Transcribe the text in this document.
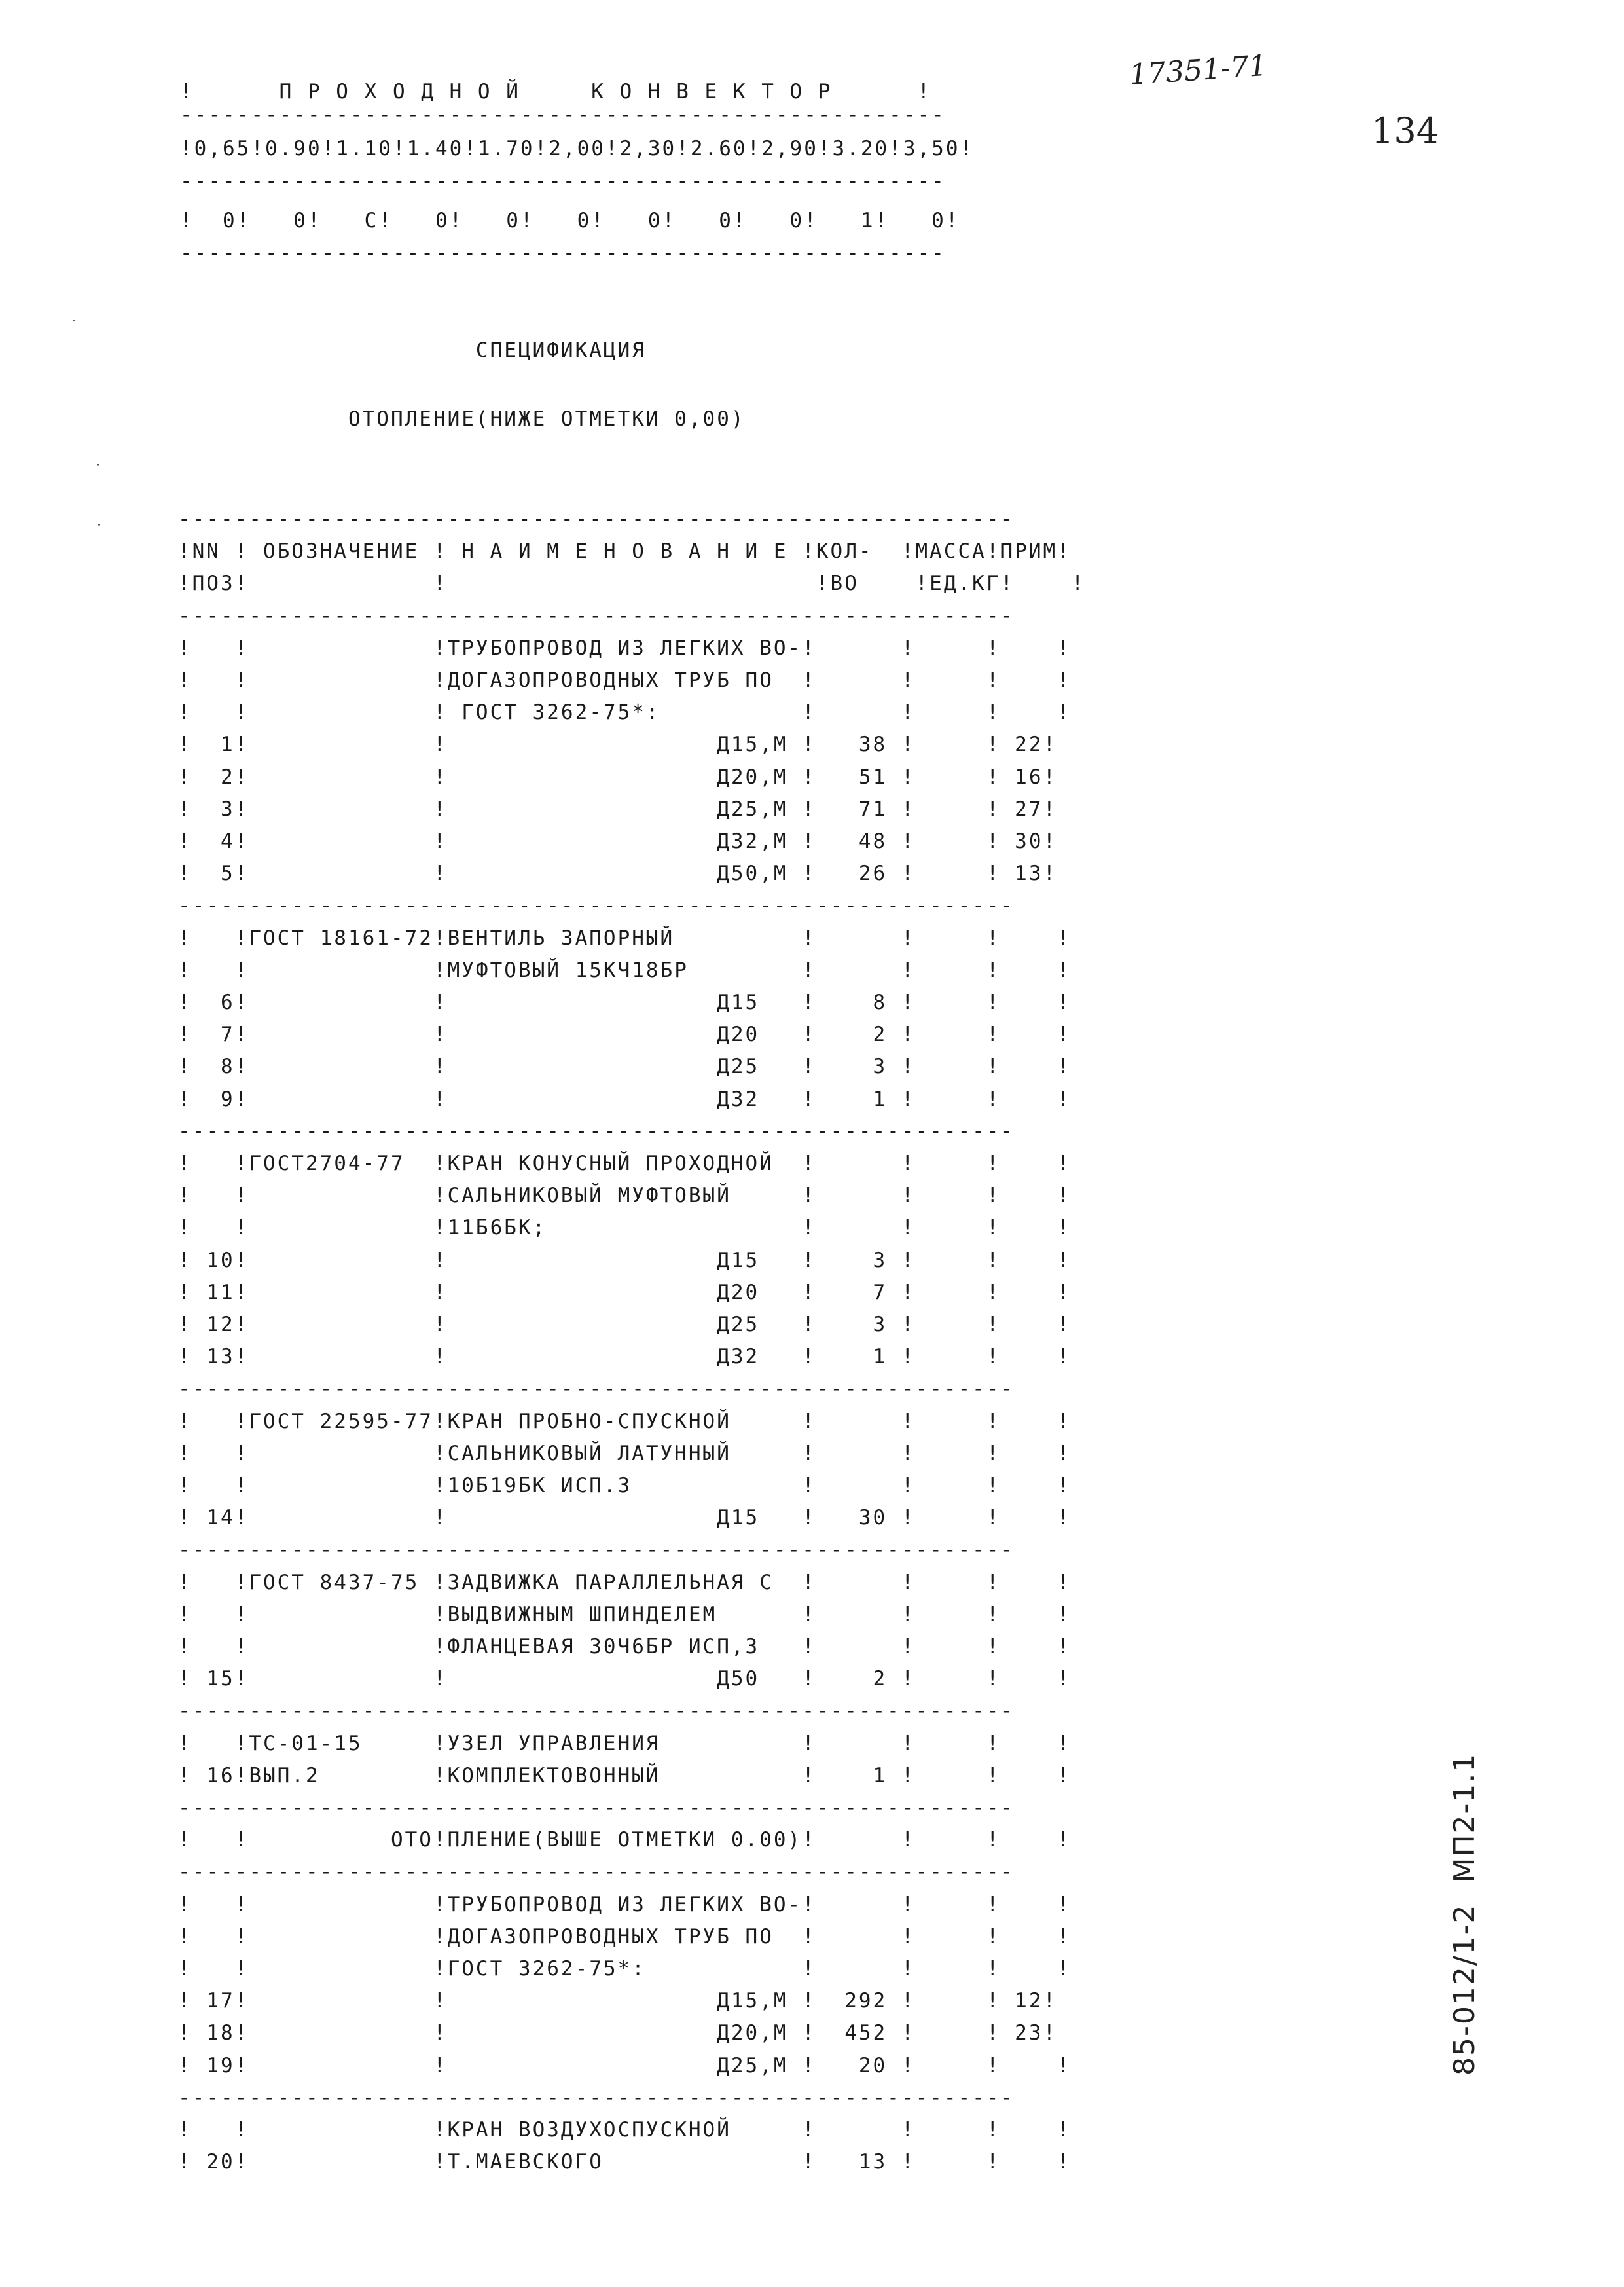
17351-71
134
!      П Р О Х О Д Н О Й     К О Н В Е К Т О Р      !
------------------------------------------------------
!0,65!0.90!1.10!1.40!1.70!2,00!2,30!2.60!2,90!3.20!3,50!
------------------------------------------------------
!  0!   0!   С!   0!   0!   0!   0!   0!   0!   1!   0!
------------------------------------------------------
СПЕЦИФИКАЦИЯ
ОТОПЛЕНИЕ(НИЖЕ ОТМЕТКИ 0,00)
-----------------------------------------------------------
!NN ! ОБОЗНАЧЕНИЕ ! Н А И М Е Н О В А Н И Е !КОЛ-  !МАССА!ПРИМ!
!ПОЗ!             !                          !ВО    !ЕД.КГ!    !
-----------------------------------------------------------
!   !             !ТРУБОПРОВОД ИЗ ЛЕГКИХ ВО-!      !     !    !
!   !             !ДОГАЗОПРОВОДНЫХ ТРУБ ПО  !      !     !    !
!   !             ! ГОСТ 3262-75*:          !      !     !    !
!  1!             !                   Д15,М !   38 !     ! 22!
!  2!             !                   Д20,М !   51 !     ! 16!
!  3!             !                   Д25,М !   71 !     ! 27!
!  4!             !                   Д32,М !   48 !     ! 30!
!  5!             !                   Д50,М !   26 !     ! 13!
-----------------------------------------------------------
!   !ГОСТ 18161-72!ВЕНТИЛЬ ЗАПОРНЫЙ         !      !     !    !
!   !             !МУФТОВЫЙ 15КЧ18БР        !      !     !    !
!  6!             !                   Д15   !    8 !     !    !
!  7!             !                   Д20   !    2 !     !    !
!  8!             !                   Д25   !    3 !     !    !
!  9!             !                   Д32   !    1 !     !    !
-----------------------------------------------------------
!   !ГОСТ2704-77  !КРАН КОНУСНЫЙ ПРОХОДНОЙ  !      !     !    !
!   !             !САЛЬНИКОВЫЙ МУФТОВЫЙ     !      !     !    !
!   !             !11Б6БК;                  !      !     !    !
! 10!             !                   Д15   !    3 !     !    !
! 11!             !                   Д20   !    7 !     !    !
! 12!             !                   Д25   !    3 !     !    !
! 13!             !                   Д32   !    1 !     !    !
-----------------------------------------------------------
!   !ГОСТ 22595-77!КРАН ПРОБНО-СПУСКНОЙ     !      !     !    !
!   !             !САЛЬНИКОВЫЙ ЛАТУННЫЙ     !      !     !    !
!   !             !10Б19БК ИСП.3            !      !     !    !
! 14!             !                   Д15   !   30 !     !    !
-----------------------------------------------------------
!   !ГОСТ 8437-75 !ЗАДВИЖКА ПАРАЛЛЕЛЬНАЯ С  !      !     !    !
!   !             !ВЫДВИЖНЫМ ШПИНДЕЛЕМ      !      !     !    !
!   !             !ФЛАНЦЕВАЯ 30Ч6БР ИСП,3   !      !     !    !
! 15!             !                   Д50   !    2 !     !    !
-----------------------------------------------------------
!   !ТС-01-15     !УЗЕЛ УПРАВЛЕНИЯ          !      !     !    !
! 16!ВЫП.2        !КОМПЛЕКТОВОННЫЙ          !    1 !     !    !
-----------------------------------------------------------
!   !          ОТО!ПЛЕНИЕ(ВЫШЕ ОТМЕТКИ 0.00)!      !     !    !
-----------------------------------------------------------
!   !             !ТРУБОПРОВОД ИЗ ЛЕГКИХ ВО-!      !     !    !
!   !             !ДОГАЗОПРОВОДНЫХ ТРУБ ПО  !      !     !    !
!   !             !ГОСТ 3262-75*:           !      !     !    !
! 17!             !                   Д15,М !  292 !     ! 12!
! 18!             !                   Д20,М !  452 !     ! 23!
! 19!             !                   Д25,М !   20 !     !    !
-----------------------------------------------------------
!   !             !КРАН ВОЗДУХОСПУСКНОЙ     !      !     !    !
! 20!             !Т.МАЕВСКОГО              !   13 !     !    !
85-012/1-2  МП2-1.1
